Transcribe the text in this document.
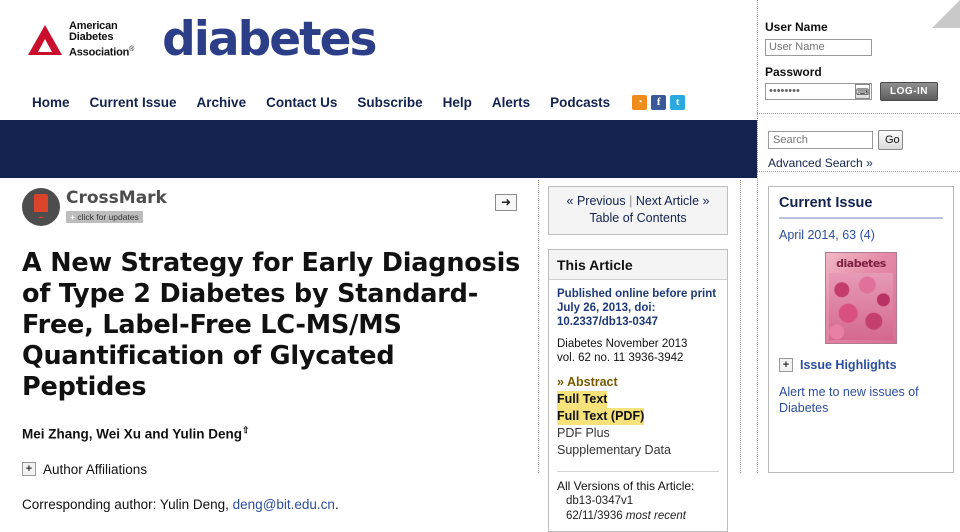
American
Diabetes
Association® diabetes
Home	Current Issue	Archive	Contact Us	Subscribe	Help	Alerts	Podcasts	◔	f	t
User Name
User Name
Password
••••••••
⌨	LOG-IN
Search
Go
Advanced Search »
CrossMark
+ click for updates
A New Strategy for Early Diagnosis of Type 2 Diabetes by Standard-Free, Label-Free LC-MS/MS Quantification of Glycated Peptides
Mei Zhang, Wei Xu and Yulin Deng⇧
+ Author Affiliations
Corresponding author: Yulin Deng, deng@bit.edu.cn.
➜	« Previous | Next Article »
Table of Contents
This Article
Published online before print July 26, 2013, doi: 10.2337/db13-0347
Diabetes November 2013
vol. 62 no. 11 3936-3942
» Abstract
Full Text
Full Text (PDF)
PDF Plus
Supplementary Data
All Versions of this Article:
db13-0347v1
62/11/3936 most recent
Current Issue
April 2014, 63 (4)
diabetes
+ Issue Highlights
Alert me to new issues of
Diabetes
